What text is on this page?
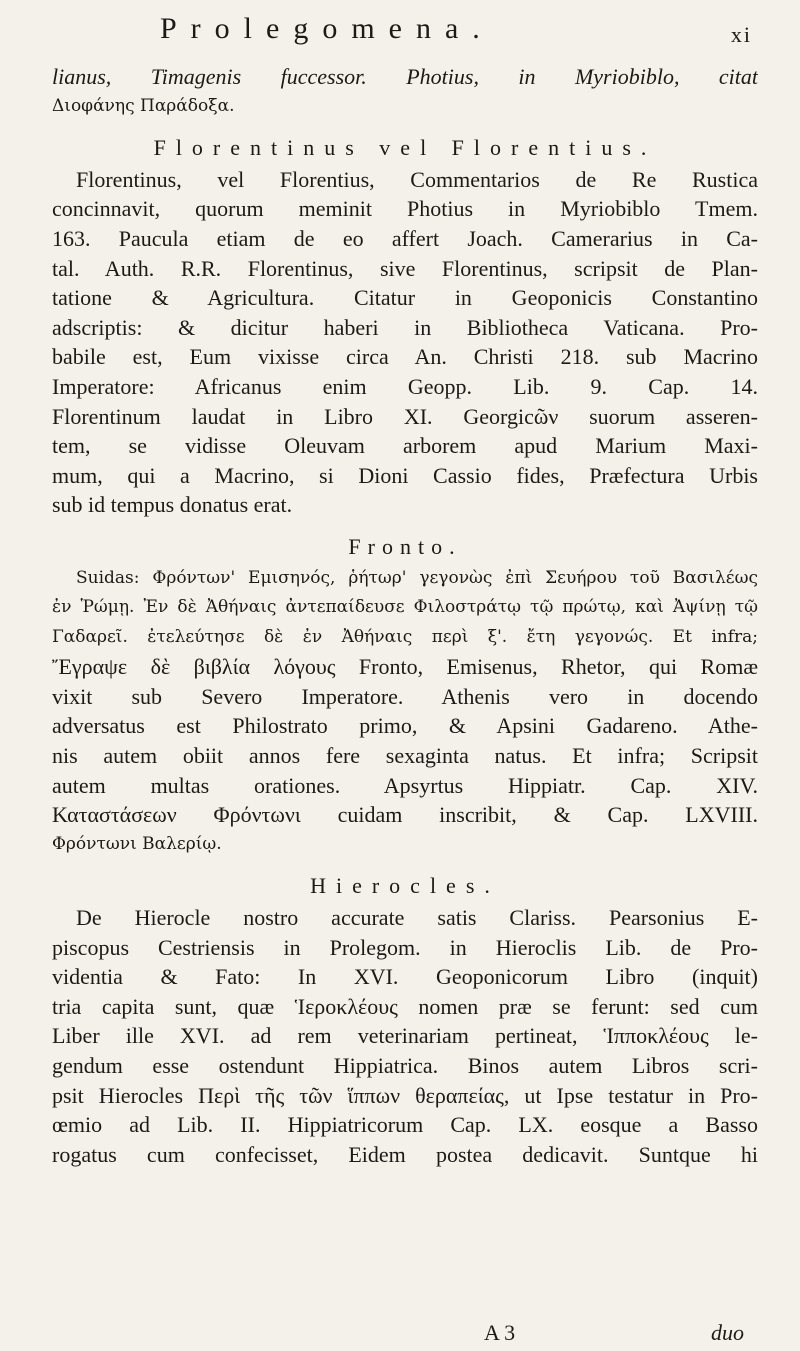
Prolegomena.	xi
lianus, Timagenis fuccessor. Photius, in Myriobiblo, citat
Διοφάνης Παράδοξα.
Florentinus vel Florentius.
Florentinus, vel Florentius, Commentarios de Re Rustica
concinnavit, quorum meminit Photius in Myriobiblo Tmem.
163. Paucula etiam de eo affert Joach. Camerarius in Ca-
tal. Auth. R.R. Florentinus, sive Florentinus, scripsit de Plan-
tatione & Agricultura. Citatur in Geoponicis Constantino
adscriptis: & dicitur haberi in Bibliotheca Vaticana. Pro-
babile est, Eum vixisse circa An. Christi 218. sub Macrino
Imperatore: Africanus enim Geopp. Lib. 9. Cap. 14.
Florentinum laudat in Libro XI. Georgicῶν suorum asseren-
tem, se vidisse Oleuvam arborem apud Marium Maxi-
mum, qui a Macrino, si Dioni Cassio fides, Præfectura Urbis
sub id tempus donatus erat.
Fronto.
Suidas: Φρόντων' Εμισηνός, ῥήτωρ' γεγονὼς ἐπὶ Σευήρου τοῦ Βασιλέως
ἐν Ῥώμῃ. Ἐν δὲ Ἀθήναις ἀντεπαίδευσε Φιλοστράτῳ τῷ πρώτῳ, καὶ Ἀψίνῃ τῷ
Γαδαρεῖ. ἐτελεύτησε δὲ ἐν Ἀθήναις περὶ ξ'. ἔτη γεγονώς. Et infra;
Ἔγραψε δὲ βιβλία λόγους Fronto, Emisenus, Rhetor, qui Romæ
vixit sub Severo Imperatore. Athenis vero in docendo
adversatus est Philostrato primo, & Apsini Gadareno. Athe-
nis autem obiit annos fere sexaginta natus. Et infra; Scripsit
autem multas orationes. Apsyrtus Hippiatr. Cap. XIV.
Καταστάσεων Φρόντωνι cuidam inscribit, & Cap. LXVIII.
Φρόντωνι Βαλερίῳ.
Hierocles.
De Hierocle nostro accurate satis Clariss. Pearsonius E-
piscopus Cestriensis in Prolegom. in Hieroclis Lib. de Pro-
videntia & Fato: In XVI. Geoponicorum Libro (inquit)
tria capita sunt, quæ Ἱεροκλέους nomen præ se ferunt: sed cum
Liber ille XVI. ad rem veterinariam pertineat, Ἱπποκλέους le-
gendum esse ostendunt Hippiatrica. Binos autem Libros scri-
psit Hierocles Περὶ τῆς τῶν ἵππων θεραπείας, ut Ipse testatur in Pro-
œmio ad Lib. II. Hippiatricorum Cap. LX. eosque a Basso
rogatus cum confecisset, Eidem postea dedicavit. Suntque hi
A 3	duo
